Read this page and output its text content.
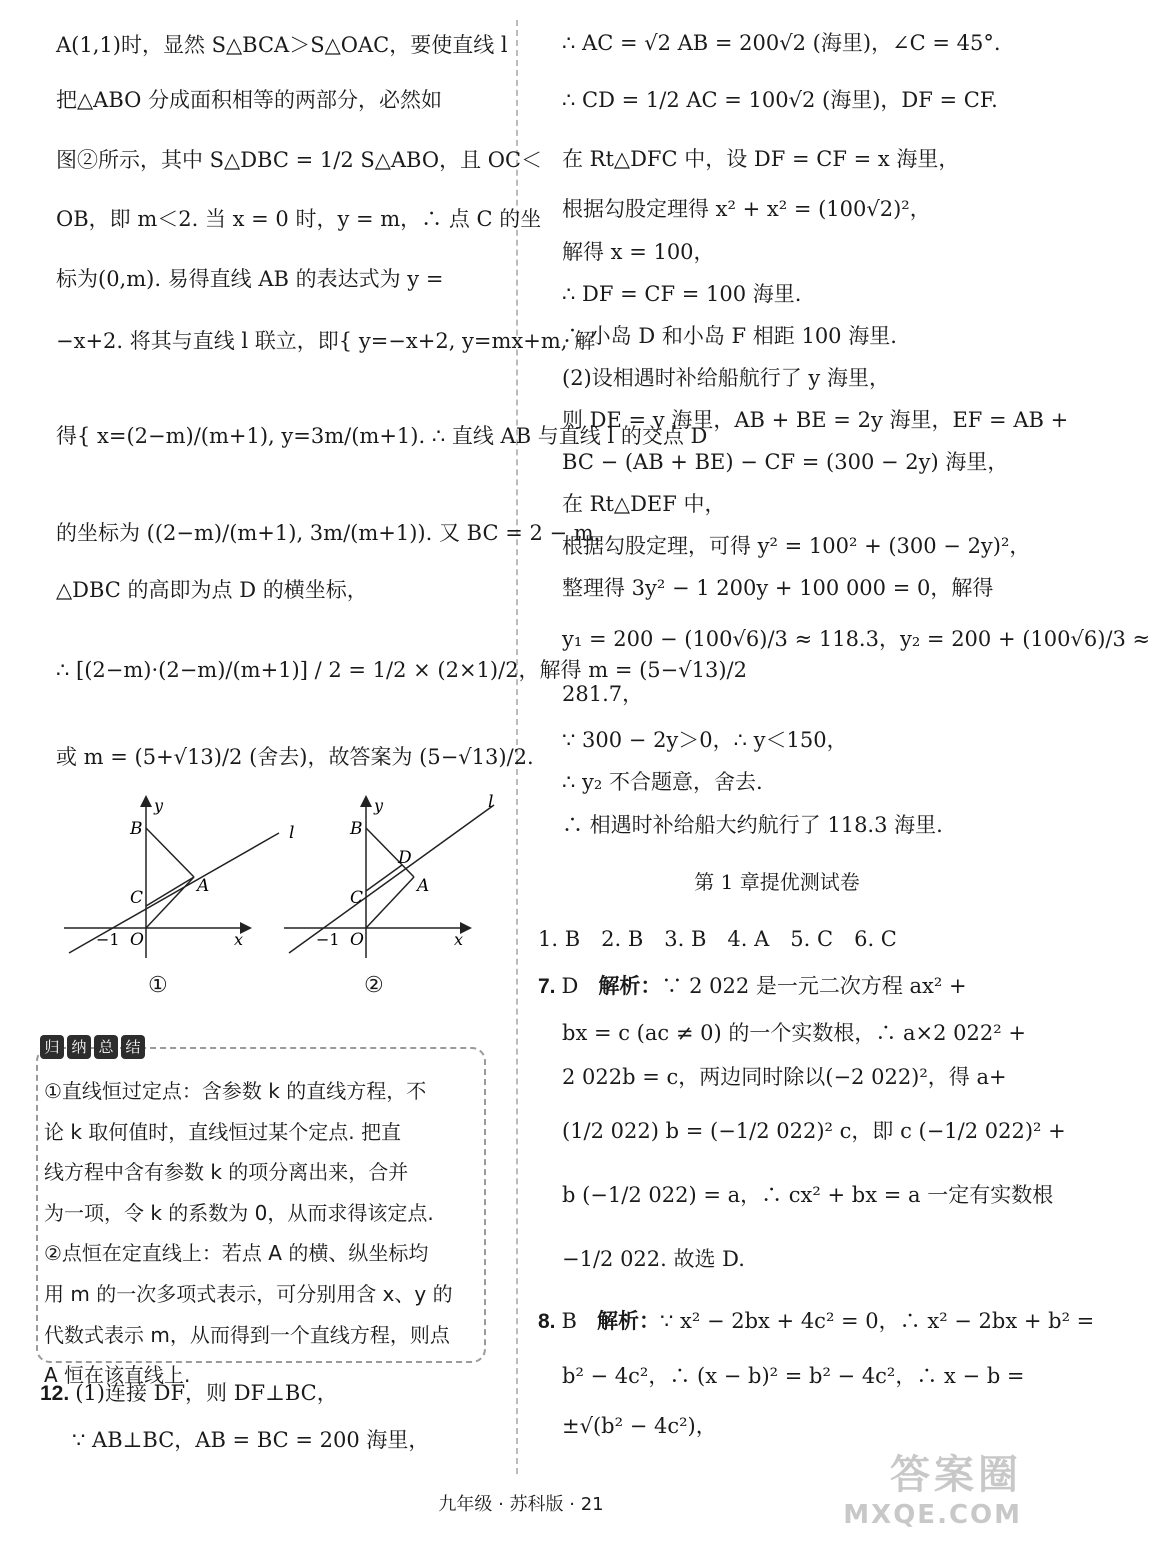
A(1,1)时，显然 S△BCA＞S△OAC，要使直线 l
把△ABO 分成面积相等的两部分，必然如
图②所示，其中 S△DBC = 1/2 S△ABO，且 OC＜
OB，即 m＜2. 当 x = 0 时，y = m，∴ 点 C 的坐
标为(0,m). 易得直线 AB 的表达式为 y =
−x+2. 将其与直线 l 联立，即{ y=−x+2, y=mx+m, 解
得{ x=(2−m)/(m+1), y=3m/(m+1). ∴ 直线 AB 与直线 l 的交点 D
的坐标为 ((2−m)/(m+1), 3m/(m+1)). 又 BC = 2 − m，
△DBC 的高即为点 D 的横坐标，
∴ [(2−m)·(2−m)/(m+1)] / 2 = 1/2 × (2×1)/2，解得 m = (5−√13)/2
或 m = (5+√13)/2 (舍去)，故答案为 (5−√13)/2.
y
x
B
C
A
O
−1
l
y
x
B
C
D
A
O
−1
l
①	②
归 纳 总 结
①直线恒过定点：含参数 k 的直线方程，不
论 k 取何值时，直线恒过某个定点. 把直
线方程中含有参数 k 的项分离出来，合并
为一项，令 k 的系数为 0，从而求得该定点.
②点恒在定直线上：若点 A 的横、纵坐标均
用 m 的一次多项式表示，可分别用含 x、y 的
代数式表示 m，从而得到一个直线方程，则点
A 恒在该直线上.
12. (1)连接 DF，则 DF⊥BC，
∵ AB⊥BC，AB = BC = 200 海里，
∴ AC = √2 AB = 200√2 (海里)，∠C = 45°.
∴ CD = 1/2 AC = 100√2 (海里)，DF = CF.
在 Rt△DFC 中，设 DF = CF = x 海里，
根据勾股定理得 x² + x² = (100√2)²，
解得 x = 100，
∴ DF = CF = 100 海里.
∴ 小岛 D 和小岛 F 相距 100 海里.
(2)设相遇时补给船航行了 y 海里，
则 DE = y 海里，AB + BE = 2y 海里，EF = AB +
BC − (AB + BE) − CF = (300 − 2y) 海里，
在 Rt△DEF 中，
根据勾股定理，可得 y² = 100² + (300 − 2y)²，
整理得 3y² − 1 200y + 100 000 = 0，解得
y₁ = 200 − (100√6)/3 ≈ 118.3，y₂ = 200 + (100√6)/3 ≈
281.7，
∵ 300 − 2y＞0，∴ y＜150，
∴ y₂ 不合题意，舍去.
∴ 相遇时补给船大约航行了 118.3 海里.
第 1 章提优测试卷
1. B　2. B　3. B　4. A　5. C　6. C
7. D 解析：∵ 2 022 是一元二次方程 ax² +
bx = c (ac ≠ 0) 的一个实数根，∴ a×2 022² +
2 022b = c，两边同时除以(−2 022)²，得 a+
(1/2 022) b = (−1/2 022)² c，即 c (−1/2 022)² +
b (−1/2 022) = a，∴ cx² + bx = a 一定有实数根
−1/2 022. 故选 D.
8. B 解析：∵ x² − 2bx + 4c² = 0，∴ x² − 2bx + b² =
b² − 4c²，∴ (x − b)² = b² − 4c²，∴ x − b =
±√(b² − 4c²)，
九年级 · 苏科版 · 21
答案圈
MXQE.COM
